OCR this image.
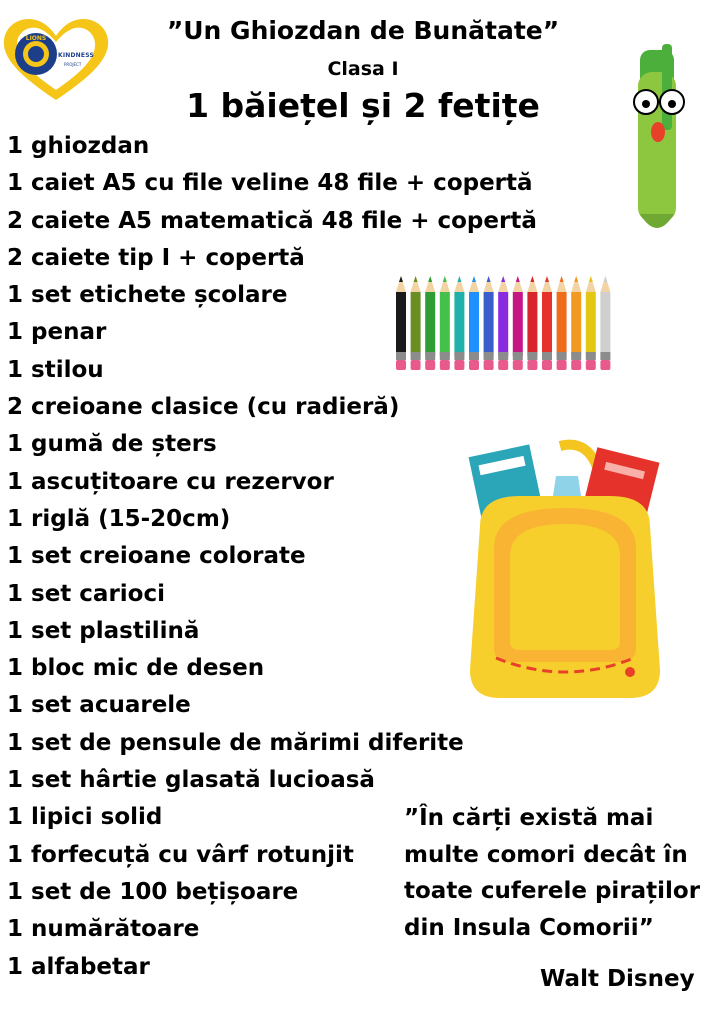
LIONS
KINDNESS
PROJECT
”Un Ghiozdan de Bunătate”
Clasa I
1 băiețel și 2 fetițe
1 ghiozdan
1 caiet A5 cu file veline 48 file + copertă
2 caiete A5 matematică 48 file + copertă
2 caiete tip I + copertă
1 set etichete școlare
1 penar
1 stilou
2 creioane clasice (cu radieră)
1 gumă de șters
1 ascuțitoare cu rezervor
1 riglă (15-20cm)
1 set creioane colorate
1 set carioci
1 set plastilină
1 bloc mic de desen
1 set acuarele
1 set de pensule de mărimi diferite
1 set hârtie glasată lucioasă
1 lipici solid
1 forfecuță cu vârf rotunjit
1 set de 100 bețișoare
1 numărătoare
1 alfabetar
”În cărți există mai
multe comori decât în
toate cuferele piraților
din Insula Comorii”
Walt Disney
